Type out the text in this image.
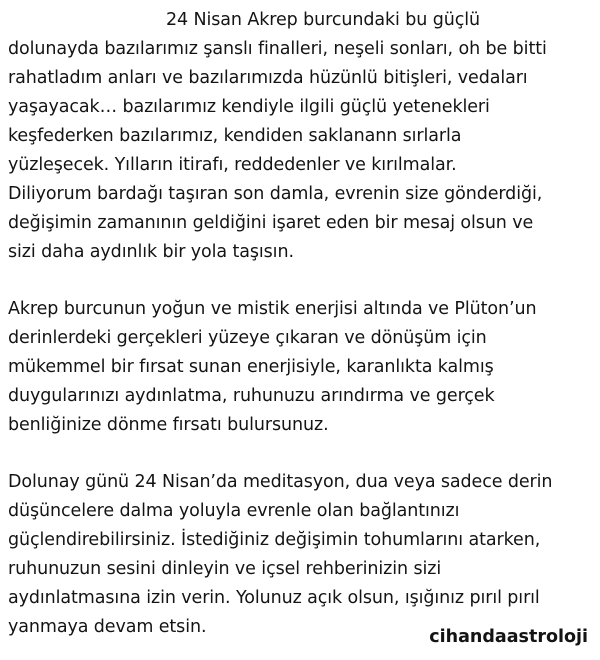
24 Nisan Akrep burcundaki bu güçlü
dolunayda bazılarımız şanslı finalleri, neşeli sonları, oh be bitti
rahatladım anları ve bazılarımızda hüzünlü bitişleri, vedaları
yaşayacak… bazılarımız kendiyle ilgili güçlü yetenekleri
keşfederken bazılarımız, kendiden saklanann sırlarla
yüzleşecek. Yılların itirafı, reddedenler ve kırılmalar.
Diliyorum bardağı taşıran son damla, evrenin size gönderdiği,
değişimin zamanının geldiğini işaret eden bir mesaj olsun ve
sizi daha aydınlık bir yola taşısın.

Akrep burcunun yoğun ve mistik enerjisi altında ve Plüton’un
derinlerdeki gerçekleri yüzeye çıkaran ve dönüşüm için
mükemmel bir fırsat sunan enerjisiyle, karanlıkta kalmış
duygularınızı aydınlatma, ruhunuzu arındırma ve gerçek
benliğinize dönme fırsatı bulursunuz.

Dolunay günü 24 Nisan’da meditasyon, dua veya sadece derin
düşüncelere dalma yoluyla evrenle olan bağlantınızı
güçlendirebilirsiniz. İstediğiniz değişimin tohumlarını atarken,
ruhunuzun sesini dinleyin ve içsel rehberinizin sizi
aydınlatmasına izin verin. Yolunuz açık olsun, ışığınız pırıl pırıl
yanmaya devam etsin.	cihandaastroloji
